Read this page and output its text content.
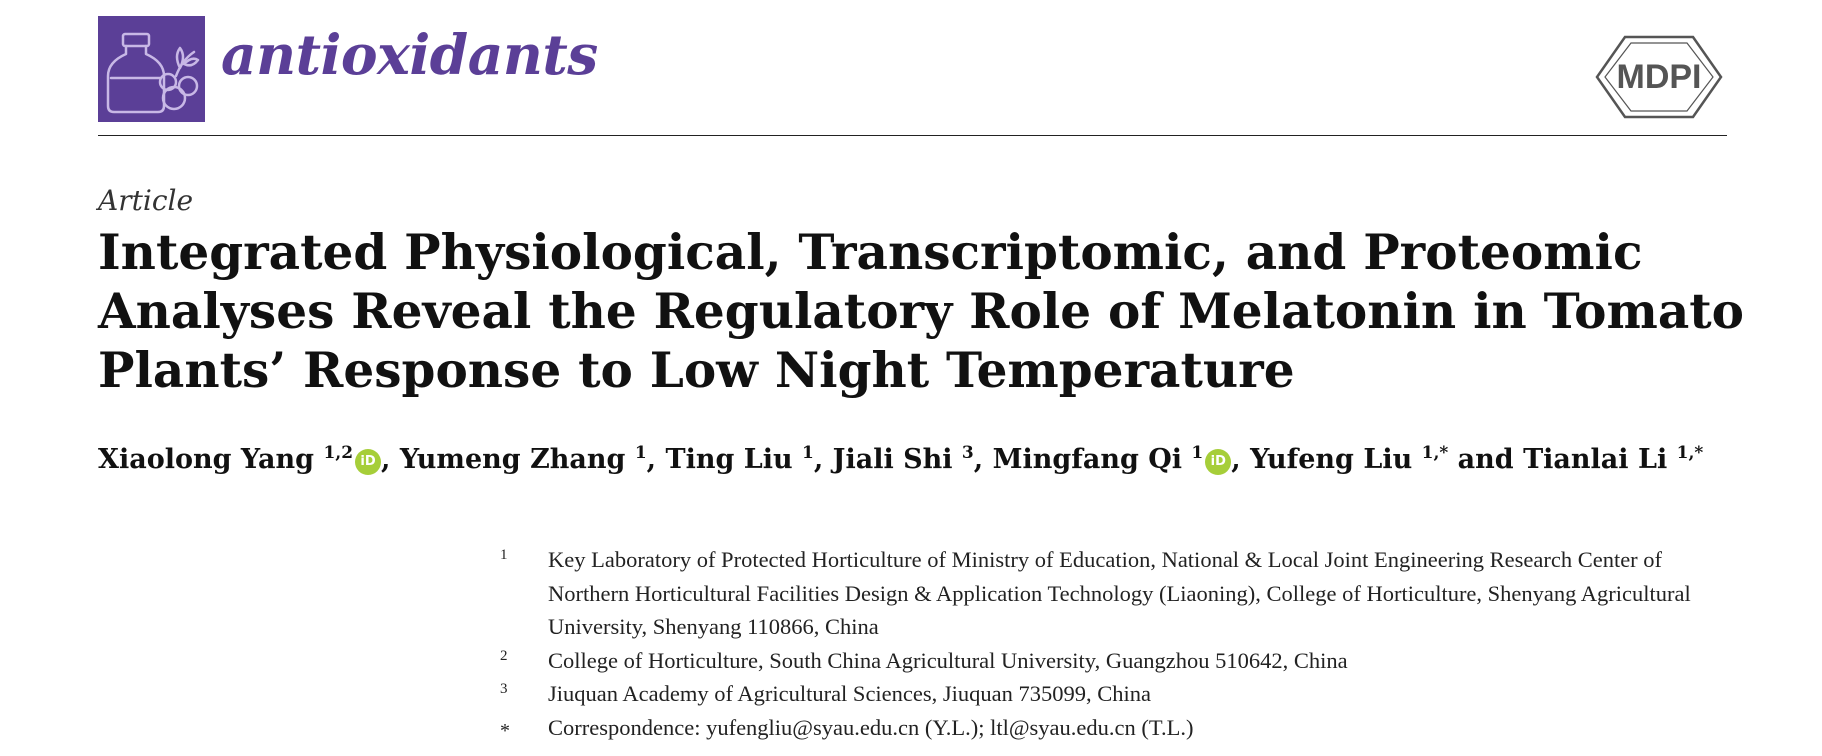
antioxidants	MDPI
Article
Integrated Physiological, Transcriptomic, and Proteomic Analyses Reveal the Regulatory Role of Melatonin in Tomato Plants’ Response to Low Night Temperature
Xiaolong Yang $^{1,2}$ iD , Yumeng Zhang $^1$, Ting Liu $^1$, Jiali Shi $^3$, Mingfang Qi $^1$ iD , Yufeng Liu $^{1,*}$ and Tianlai Li $^{1,*}$
1 Key Laboratory of Protected Horticulture of Ministry of Education, National & Local Joint Engineering Research Center of Northern Horticultural Facilities Design & Application Technology (Liaoning), College of Horticulture, Shenyang Agricultural University, Shenyang 110866, China
2 College of Horticulture, South China Agricultural University, Guangzhou 510642, China
3 Jiuquan Academy of Agricultural Sciences, Jiuquan 735099, China
* Correspondence: yufengliu@syau.edu.cn (Y.L.); ltl@syau.edu.cn (T.L.)
